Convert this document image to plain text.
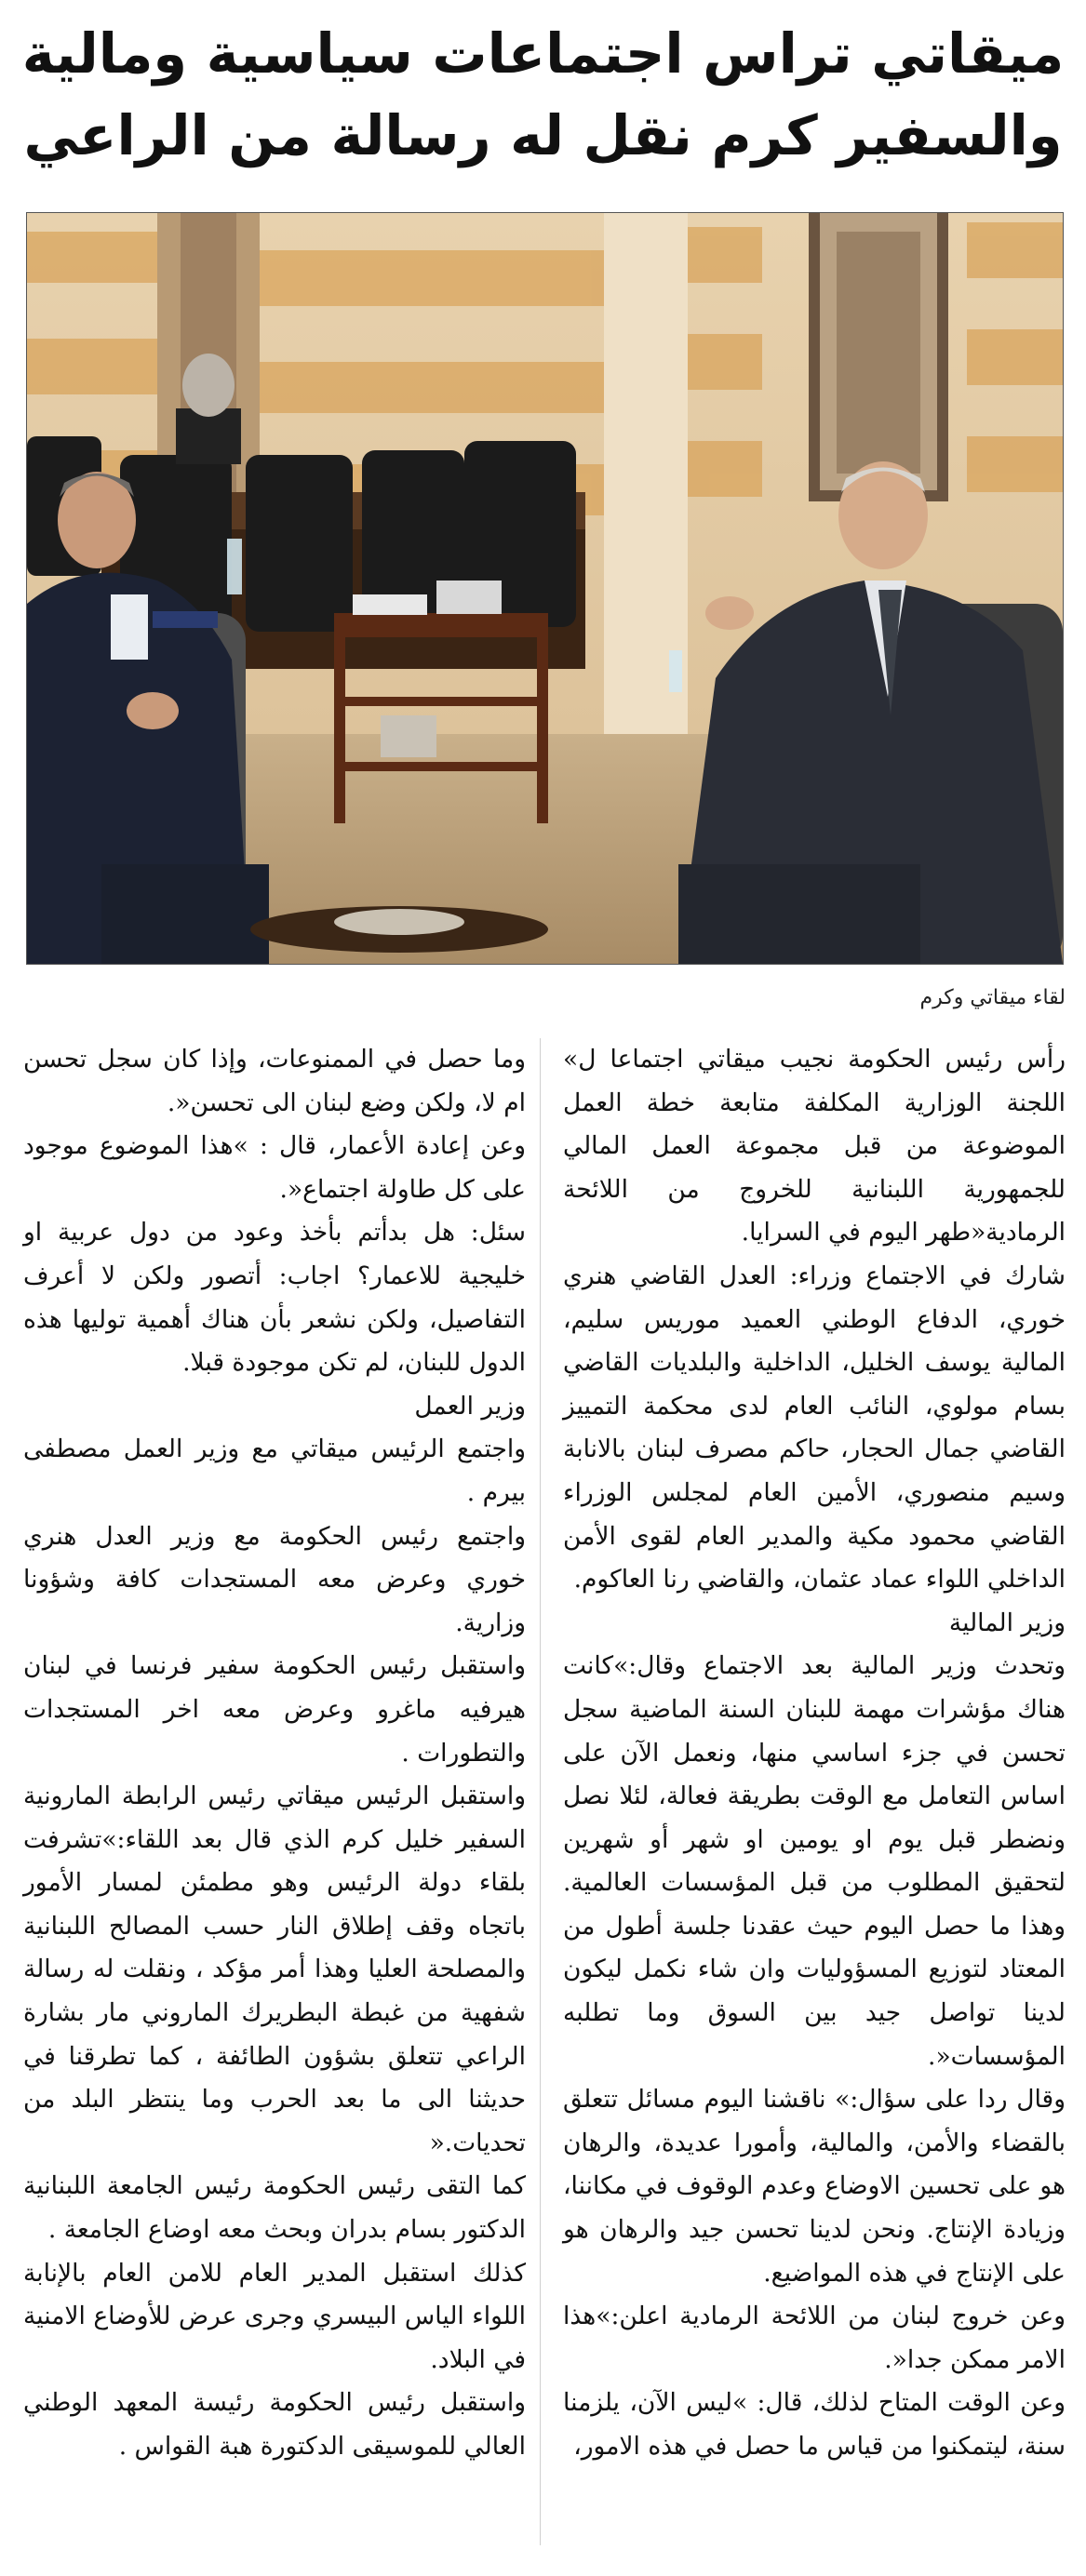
ميقاتي تراس اجتماعات سياسية ومالية
والسفير كرم نقل له رسالة من الراعي
لقاء ميقاتي وكرم

رأس رئيس الحكومة نجيب ميقاتي اجتماعا ل» اللجنة الوزارية المكلفة متابعة خطة العمل الموضوعة من قبل مجموعة العمل المالي للجمهورية اللبنانية للخروج من اللائحة الرمادية«طهر اليوم في السرايا.

شارك في الاجتماع وزراء: العدل القاضي هنري خوري، الدفاع الوطني العميد موريس سليم، المالية يوسف الخليل، الداخلية والبلديات القاضي بسام مولوي، النائب العام لدى محكمة التمييز القاضي جمال الحجار، حاكم مصرف لبنان بالانابة وسيم منصوري، الأمين العام لمجلس الوزراء القاضي محمود مكية والمدير العام لقوى الأمن الداخلي اللواء عماد عثمان، والقاضي رنا العاكوم.

وزير المالية

وتحدث وزير المالية بعد الاجتماع وقال:»كانت هناك مؤشرات مهمة للبنان السنة الماضية سجل تحسن في جزء اساسي منها، ونعمل الآن على اساس التعامل مع الوقت بطريقة فعالة، لئلا نصل ونضطر قبل يوم او يومين او شهر أو شهرين لتحقيق المطلوب من قبل المؤسسات العالمية. وهذا ما حصل اليوم حيث عقدنا جلسة أطول من المعتاد لتوزيع المسؤوليات وان شاء نكمل ليكون لدينا تواصل جيد بين السوق وما تطلبه المؤسسات«.

وقال ردا على سؤال:» ناقشنا اليوم مسائل تتعلق بالقضاء والأمن، والمالية، وأمورا عديدة، والرهان هو على تحسين الاوضاع وعدم الوقوف في مكاننا، وزيادة الإنتاج. ونحن لدينا تحسن جيد والرهان هو على الإنتاج في هذه المواضيع.

وعن خروج لبنان من اللائحة الرمادية اعلن:»هذا الامر ممكن جدا«.

وعن الوقت المتاح لذلك، قال: »ليس الآن، يلزمنا سنة، ليتمكنوا من قياس ما حصل في هذه الامور،

وما حصل في الممنوعات، وإذا كان سجل تحسن ام لا، ولكن وضع لبنان الى تحسن«.

وعن إعادة الأعمار، قال : »هذا الموضوع موجود على كل طاولة اجتماع«.

سئل: هل بدأتم بأخذ وعود من دول عربية او خليجية للاعمار؟ اجاب: أتصور ولكن لا أعرف التفاصيل، ولكن نشعر بأن هناك أهمية توليها هذه الدول للبنان، لم تكن موجودة قبلا.

وزير العمل

واجتمع الرئيس ميقاتي مع وزير العمل مصطفى بيرم .

واجتمع رئيس الحكومة مع وزير العدل هنري خوري وعرض معه المستجدات كافة وشؤونا وزارية.

واستقبل رئيس الحكومة سفير فرنسا في لبنان هيرفيه ماغرو وعرض معه اخر المستجدات والتطورات .

واستقبل الرئيس ميقاتي رئيس الرابطة المارونية السفير خليل كرم الذي قال بعد اللقاء:»تشرفت بلقاء دولة الرئيس وهو مطمئن لمسار الأمور باتجاه وقف إطلاق النار حسب المصالح اللبنانية والمصلحة العليا وهذا أمر مؤكد ، ونقلت له رسالة شفهية من غبطة البطريرك الماروني مار بشارة الراعي تتعلق بشؤون الطائفة ، كما تطرقنا في حديثنا الى ما بعد الحرب وما ينتظر البلد من تحديات.«

كما التقى رئيس الحكومة رئيس الجامعة اللبنانية الدكتور بسام بدران وبحث معه اوضاع الجامعة .

كذلك استقبل المدير العام للامن العام بالإنابة اللواء الياس البيسري وجرى عرض للأوضاع الامنية في البلاد.

واستقبل رئيس الحكومة رئيسة المعهد الوطني العالي للموسيقى الدكتورة هبة القواس .
